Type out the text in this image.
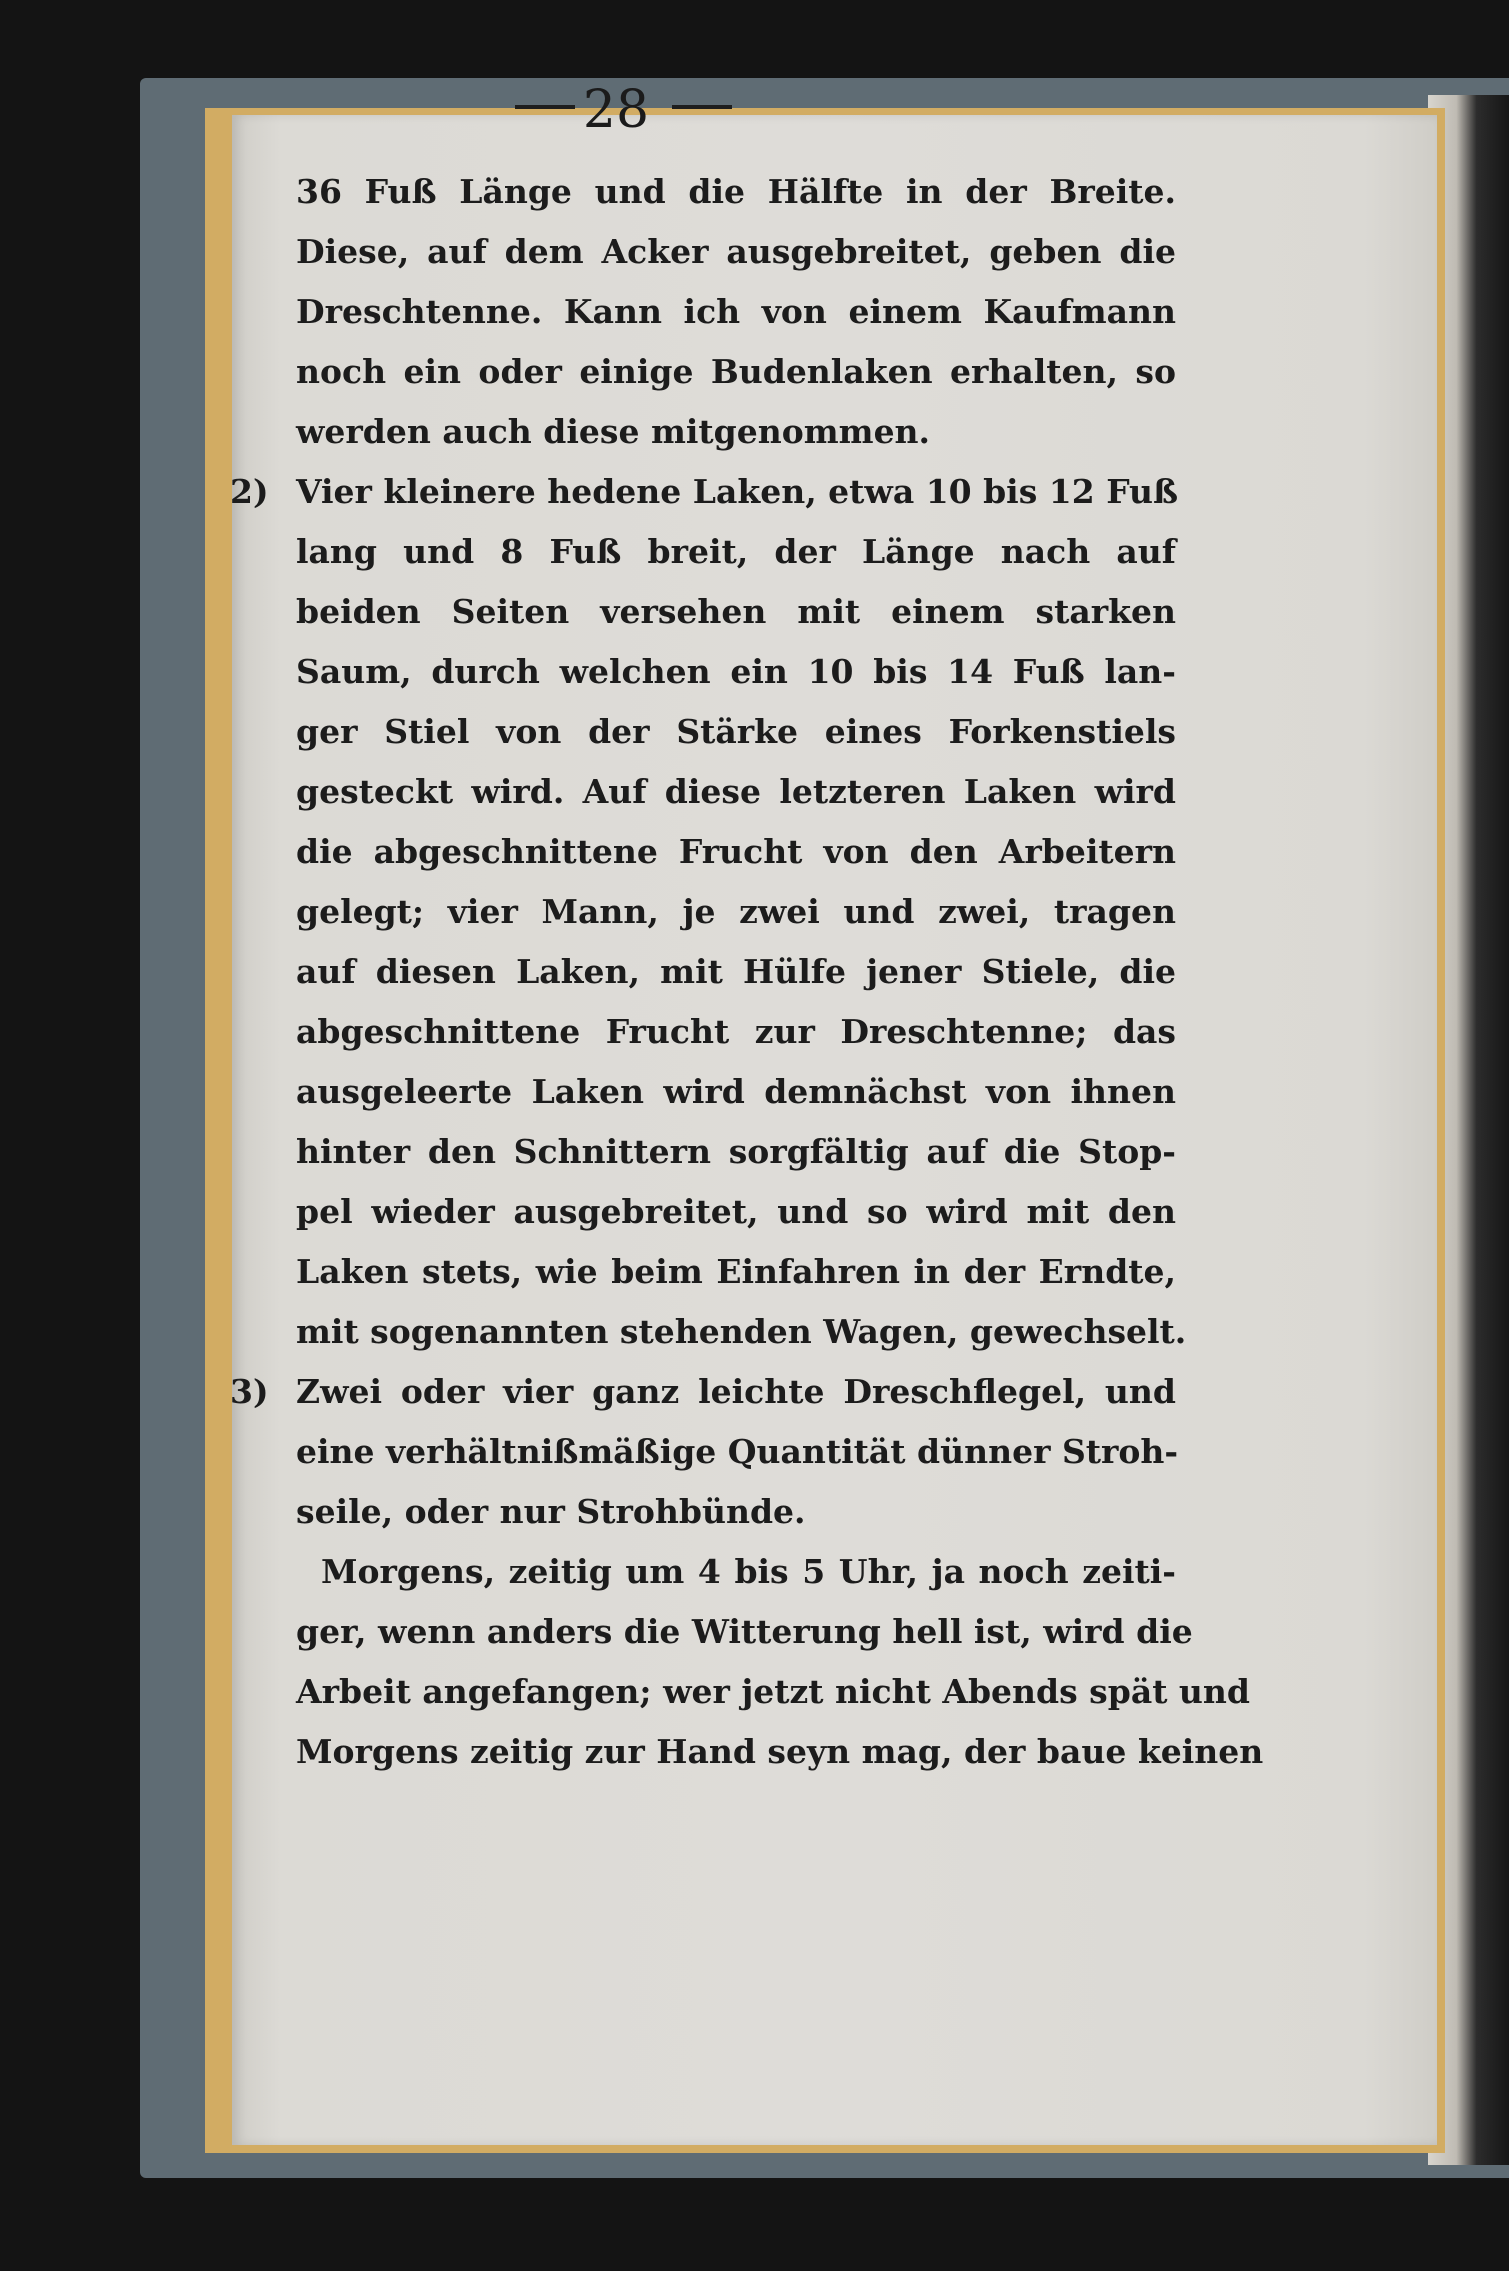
28
36 Fuß Länge und die Hälfte in der Breite.
Diese, auf dem Acker ausgebreitet, geben die
Dreschtenne. Kann ich von einem Kaufmann
noch ein oder einige Budenlaken erhalten, so
werden auch diese mitgenommen.
2) Vier kleinere hedene Laken, etwa 10 bis 12 Fuß
lang und 8 Fuß breit, der Länge nach auf
beiden Seiten versehen mit einem starken
Saum, durch welchen ein 10 bis 14 Fuß lan-
ger Stiel von der Stärke eines Forkenstiels
gesteckt wird. Auf diese letzteren Laken wird
die abgeschnittene Frucht von den Arbeitern
gelegt; vier Mann, je zwei und zwei, tragen
auf diesen Laken, mit Hülfe jener Stiele, die
abgeschnittene Frucht zur Dreschtenne; das
ausgeleerte Laken wird demnächst von ihnen
hinter den Schnittern sorgfältig auf die Stop-
pel wieder ausgebreitet, und so wird mit den
Laken stets, wie beim Einfahren in der Erndte,
mit sogenannten stehenden Wagen, gewechselt.
3) Zwei oder vier ganz leichte Dreschflegel, und
eine verhältnißmäßige Quantität dünner Stroh-
seile, oder nur Strohbünde.
Morgens, zeitig um 4 bis 5 Uhr, ja noch zeiti-
ger, wenn anders die Witterung hell ist, wird die
Arbeit angefangen; wer jetzt nicht Abends spät und
Morgens zeitig zur Hand seyn mag, der baue keinen
